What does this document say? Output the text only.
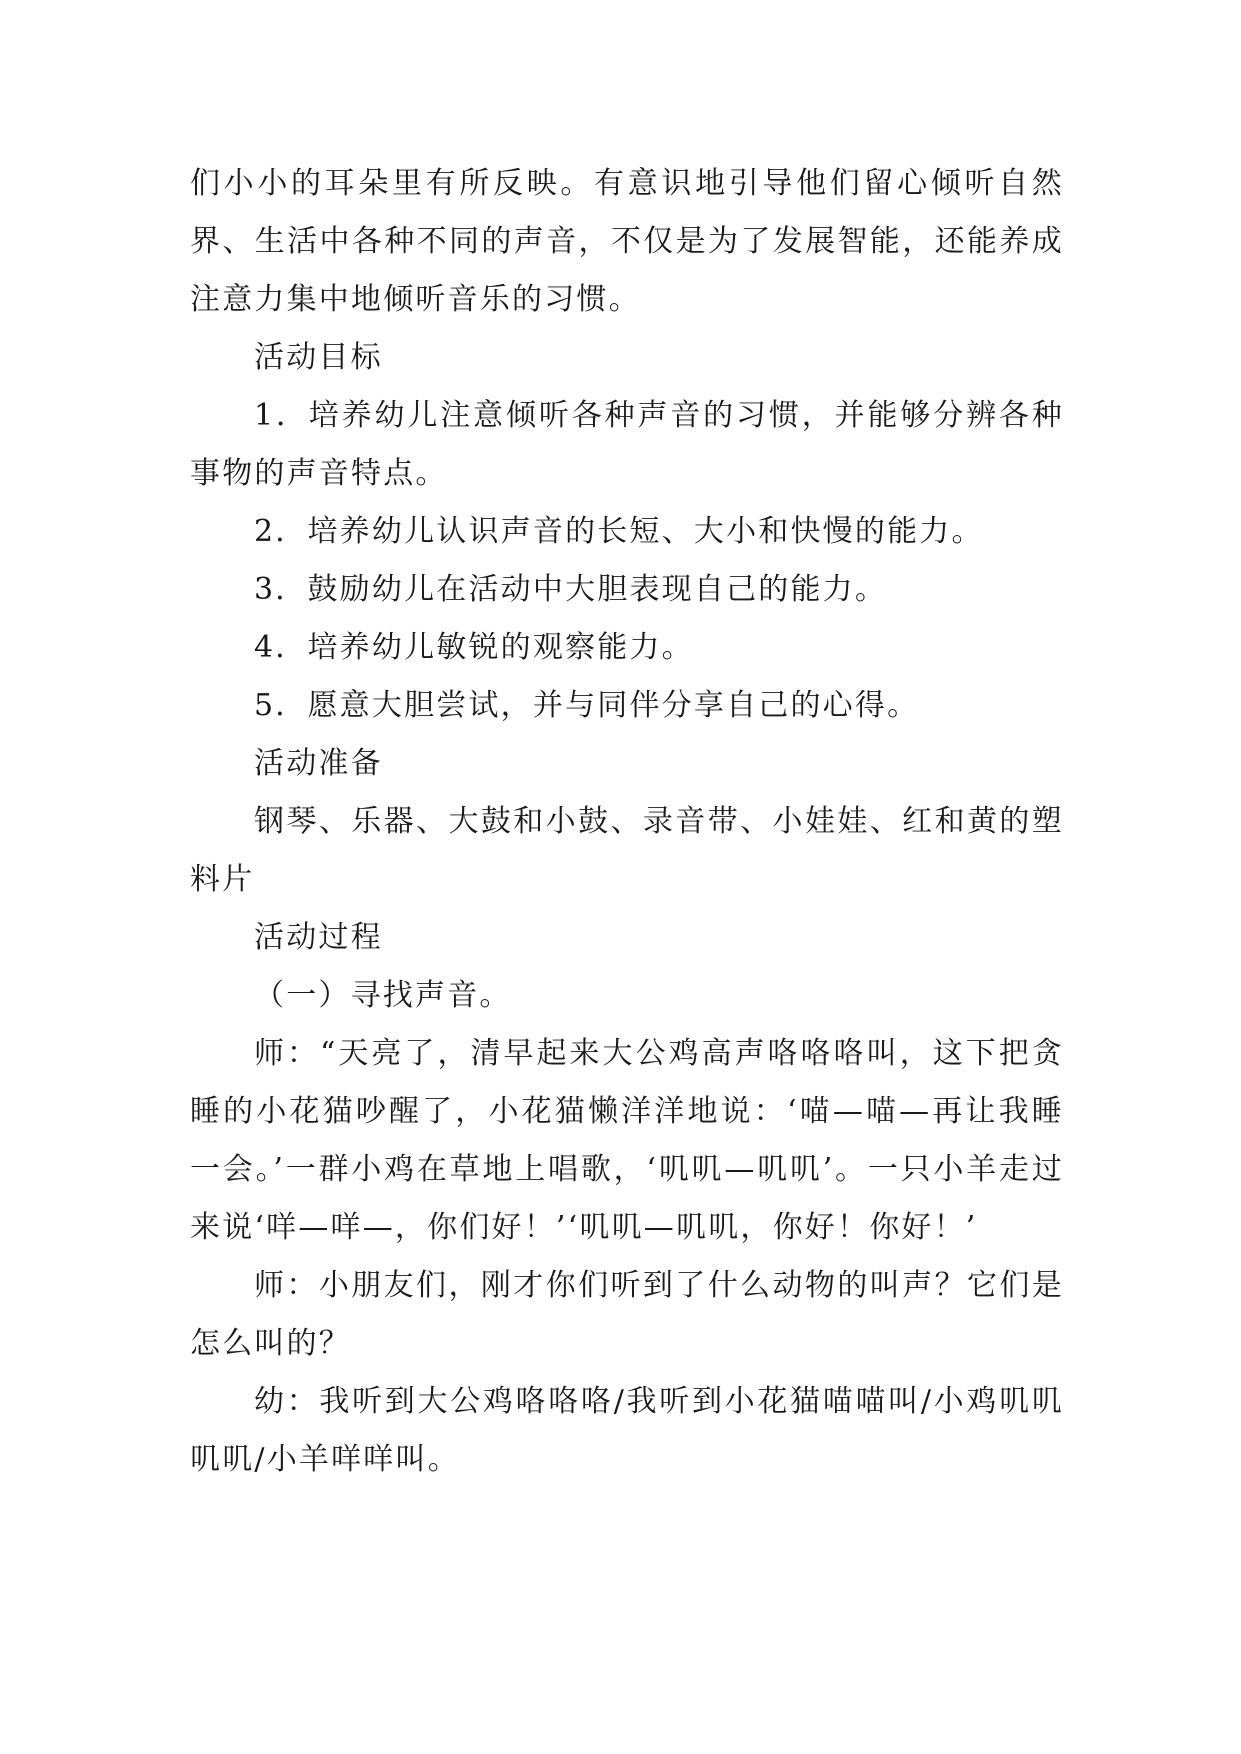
们小小的耳朵里有所反映。有意识地引导他们留心倾听自然界、生活中各种不同的声音，不仅是为了发展智能，还能养成注意力集中地倾听音乐的习惯。

活动目标

1．培养幼儿注意倾听各种声音的习惯，并能够分辨各种事物的声音特点。

2．培养幼儿认识声音的长短、大小和快慢的能力。

3．鼓励幼儿在活动中大胆表现自己的能力。

4．培养幼儿敏锐的观察能力。

5．愿意大胆尝试，并与同伴分享自己的心得。

活动准备

钢琴、乐器、大鼓和小鼓、录音带、小娃娃、红和黄的塑料片

活动过程

（一）寻找声音。

师：“天亮了，清早起来大公鸡高声咯咯咯叫，这下把贪睡的小花猫吵醒了，小花猫懒洋洋地说：‘喵—喵—再让我睡一会。’一群小鸡在草地上唱歌，‘叽叽—叽叽’。一只小羊走过来说‘咩—咩—，你们好！’‘叽叽—叽叽，你好！你好！’

师：小朋友们，刚才你们听到了什么动物的叫声？它们是怎么叫的？

幼：我听到大公鸡咯咯咯/我听到小花猫喵喵叫/小鸡叽叽叽叽/小羊咩咩叫。
